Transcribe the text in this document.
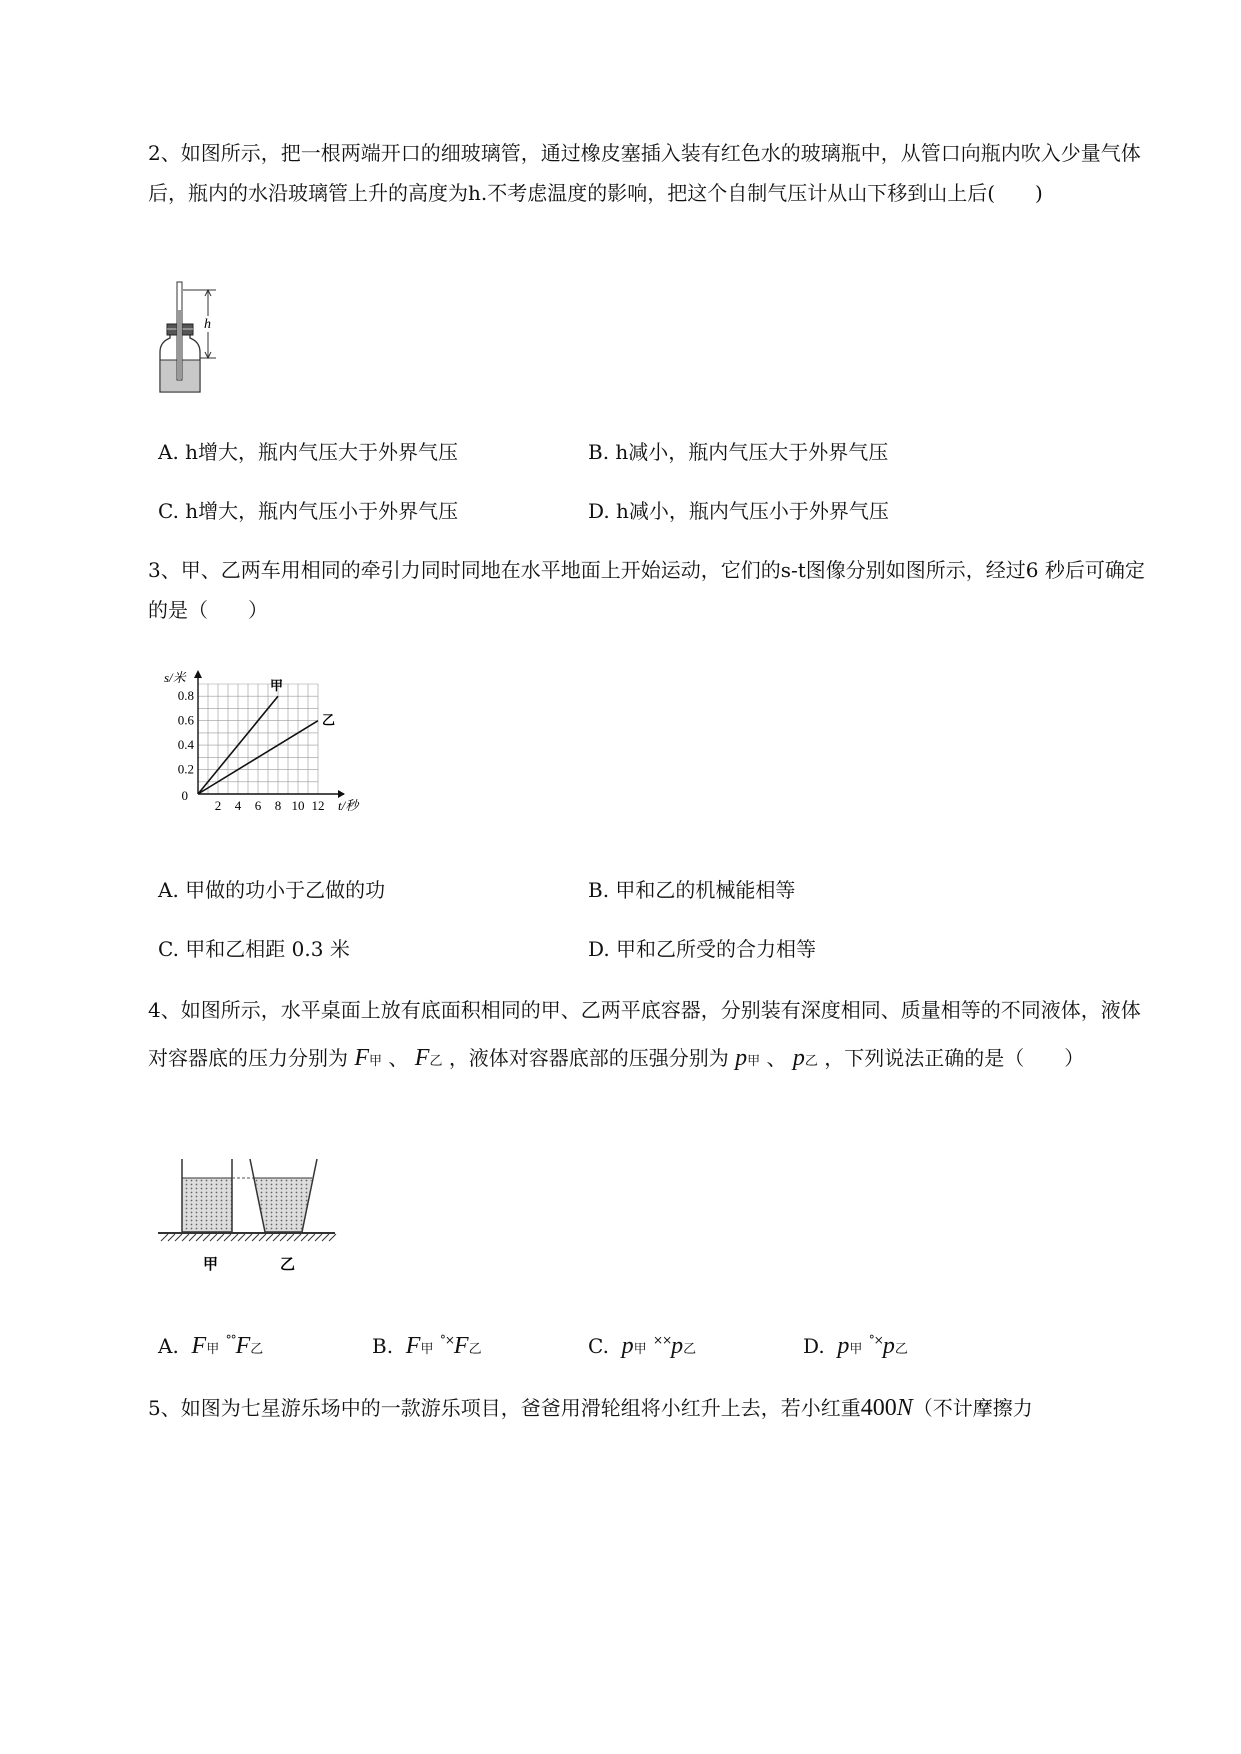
2、如图所示，把一根两端开口的细玻璃管，通过橡皮塞插入装有红色水的玻璃瓶中，从管口向瓶内吹入少量气体后，瓶内的水沿玻璃管上升的高度为h.不考虑温度的影响，把这个自制气压计从山下移到山上后(　　)

h
A. h增大，瓶内气压大于外界气压	B. h减小，瓶内气压大于外界气压
C. h增大，瓶内气压小于外界气压	D. h减小，瓶内气压小于外界气压

3、甲、乙两车用相同的牵引力同时同地在水平地面上开始运动，它们的s-t图像分别如图所示，经过6 秒后可确定的是（　　）

2 4 6 8 10 12
0.2
0.4
0.6
0.8
0
s/米
t/秒
甲
乙
A. 甲做的功小于乙做的功	B. 甲和乙的机械能相等
C. 甲和乙相距 0.3 米	D. 甲和乙所受的合力相等

4、如图所示，水平桌面上放有底面积相同的甲、乙两平底容器，分别装有深度相同、质量相等的不同液体，液体对容器底的压力分别为 F甲 、 F乙 ，液体对容器底部的压强分别为 p甲 、 p乙 ，下列说法正确的是（　　）

甲	乙
A. F甲 °°F乙	B. F甲 °×F乙	C. p甲 ××p乙	D. p甲 °×p乙

5、如图为七星游乐场中的一款游乐项目，爸爸用滑轮组将小红升上去，若小红重400N（不计摩擦力
